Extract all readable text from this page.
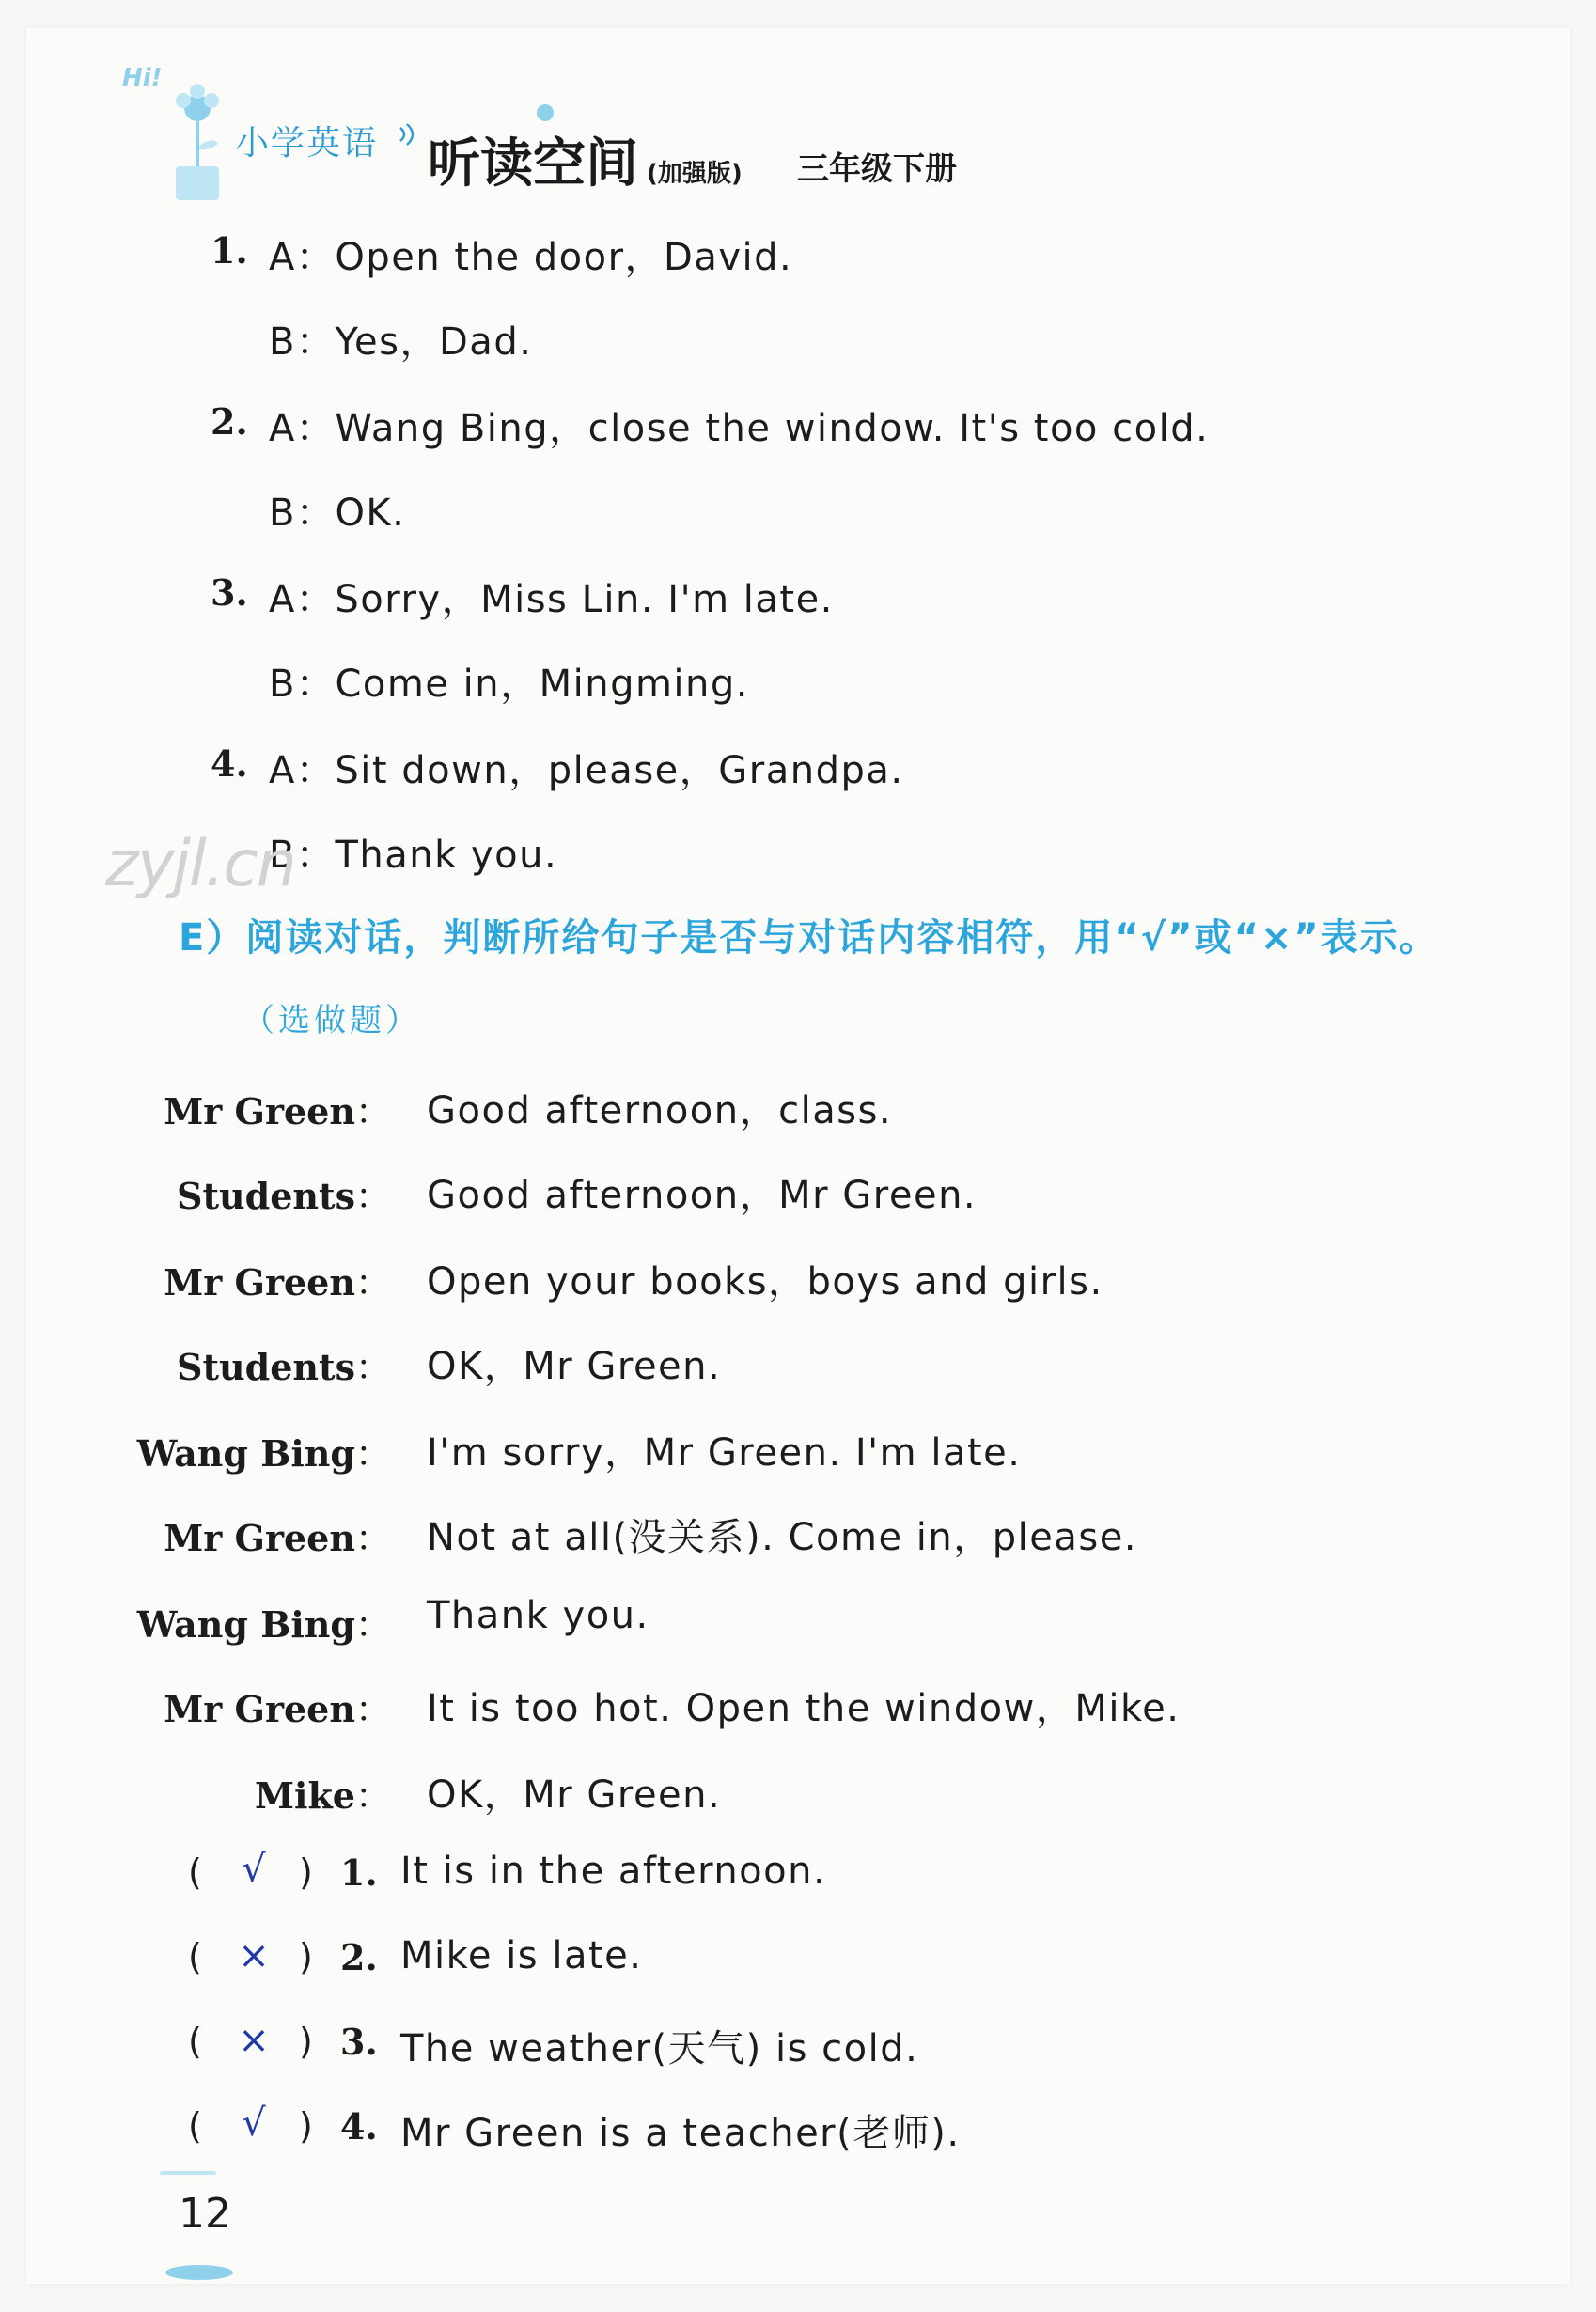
Hi!
小学英语 听读空间 (加强版) 三年级下册
1. A：Open the door，David.
B：Yes，Dad.
2. A：Wang Bing，close the window. It's too cold.
B：OK.
3. A：Sorry，Miss Lin. I'm late.
B：Come in，Mingming.
4. A：Sit down，please，Grandpa.
B：Thank you.
zyjl.cn
E）阅读对话，判断所给句子是否与对话内容相符，用“√”或“×”表示。
（选做题）
Mr Green： Good afternoon，class.
Students： Good afternoon，Mr Green.
Mr Green： Open your books，boys and girls.
Students： OK，Mr Green.
Wang Bing： I'm sorry，Mr Green. I'm late.
Mr Green： Not at all(没关系). Come in，please.
Wang Bing： Thank you.
Mr Green： It is too hot. Open the window，Mike.
Mike： OK，Mr Green.
( √ ) 1. It is in the afternoon.
( × ) 2. Mike is late.
( × ) 3. The weather(天气) is cold.
( √ ) 4. Mr Green is a teacher(老师).
12
